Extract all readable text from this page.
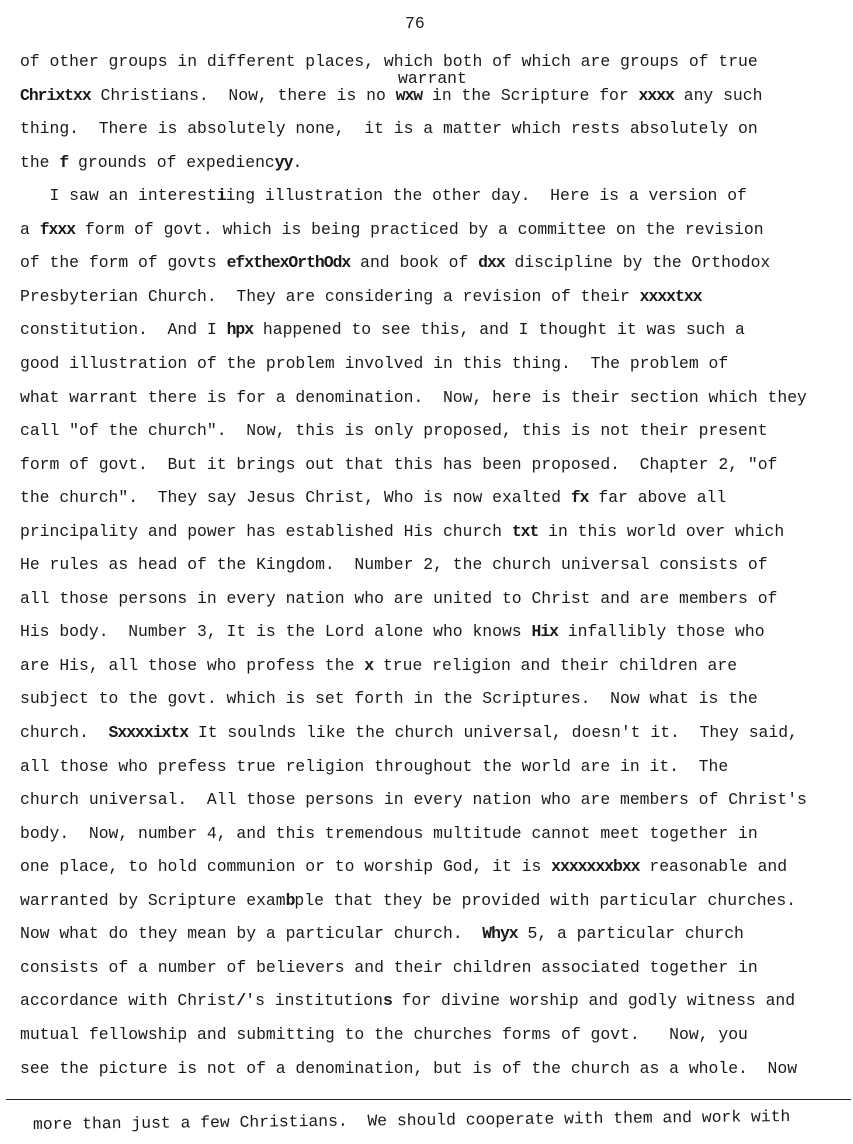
76
warrant
of other groups in different places, which both of which are groups of true
Chrixtxx Christians.  Now, there is no wxw in the Scripture for xxxx any such
thing.  There is absolutely none,  it is a matter which rests absolutely on
the f grounds of expediencyy.
I saw an interestiing illustration the other day.  Here is a version of
a fxxx form of govt. which is being practiced by a committee on the revision
of the form of govts efxthexOrthOdx and book of dxx discipline by the Orthodox
Presbyterian Church.  They are considering a revision of their xxxxtxx
constitution.  And I hpx happened to see this, and I thought it was such a
good illustration of the problem involved in this thing.  The problem of
what warrant there is for a denomination.  Now, here is their section which they
call "of the church".  Now, this is only proposed, this is not their present
form of govt.  But it brings out that this has been proposed.  Chapter 2, "of
the church".  They say Jesus Christ, Who is now exalted fx far above all
principality and power has established His church txt in this world over which
He rules as head of the Kingdom.  Number 2, the church universal consists of
all those persons in every nation who are united to Christ and are members of
His body.  Number 3, It is the Lord alone who knows Hix infallibly those who
are His, all those who profess the x true religion and their children are
subject to the govt. which is set forth in the Scriptures.  Now what is the
church.  Sxxxxixtx It soulnds like the church universal, doesn't it.  They said,
all those who prefess true religion throughout the world are in it.  The
church universal.  All those persons in every nation who are members of Christ's
body.  Now, number 4, and this tremendous multitude cannot meet together in
one place, to hold communion or to worship God, it is xxxxxxxbxx reasonable and
warranted by Scripture exambple that they be provided with particular churches.
Now what do they mean by a particular church.  Whyx 5, a particular church
consists of a number of believers and their children associated together in
accordance with Christ/'s institutions for divine worship and godly witness and
mutual fellowship and submitting to the churches forms of govt.   Now, you
see the picture is not of a denomination, but is of the church as a whole.  Now
more than just a few Christians.  We should cooperate with them and work with
